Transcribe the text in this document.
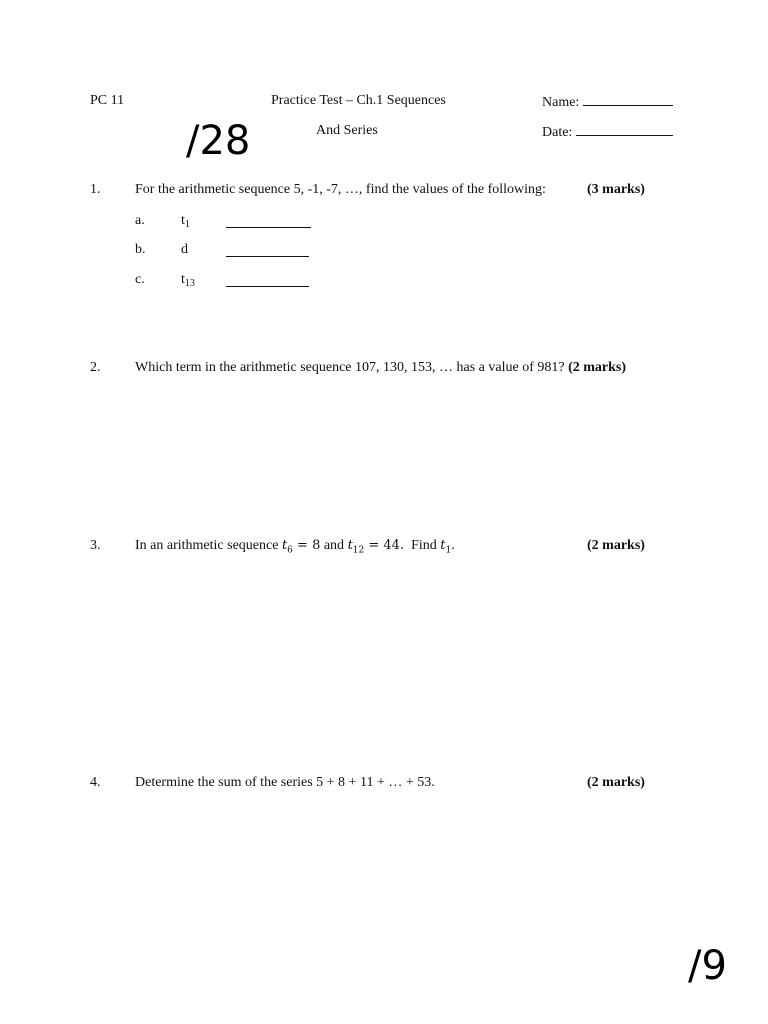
PC 11	Practice Test – Ch.1 Sequences
And Series
Name:
Date:
/28
1. For the arithmetic sequence 5, -1, -7, …, find the values of the following:	(3 marks)
a.	$t_1$
b.	d
c.	$t_{13}$
2. Which term in the arithmetic sequence 107, 130, 153, … has a value of 981? (2 marks)
3. In an arithmetic sequence $t_6 = 8$ and $t_{12} = 44$. Find $t_1$.	(2 marks)
4. Determine the sum of the series 5 + 8 + 11 + … + 53.	(2 marks)
/9
